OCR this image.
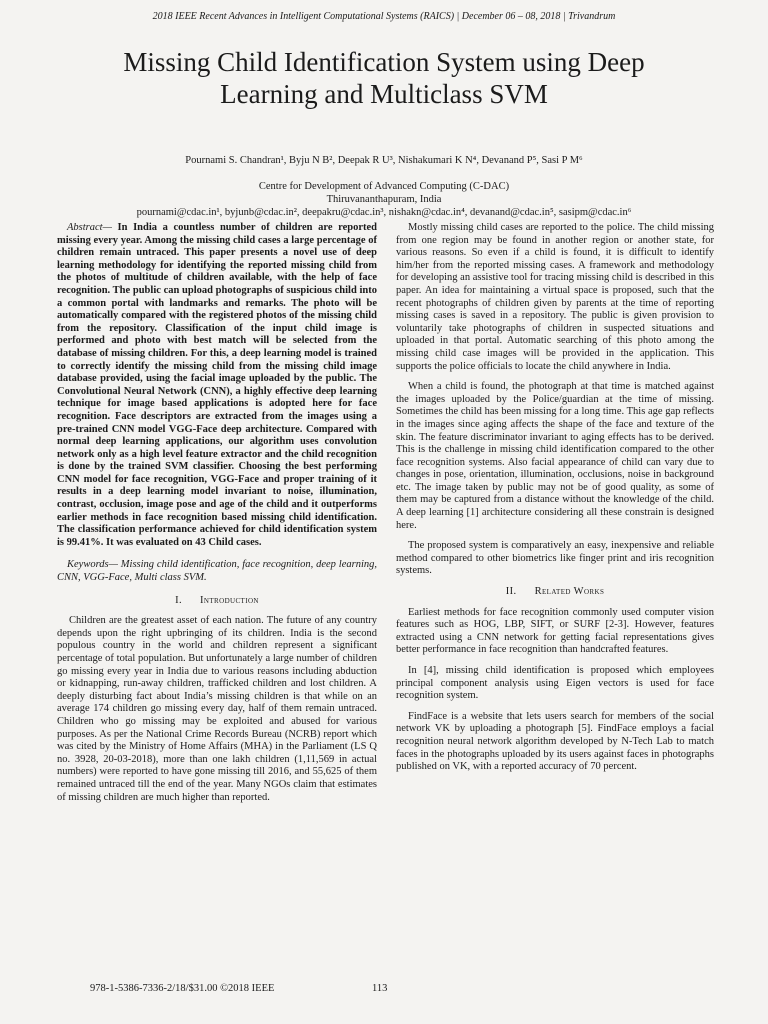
2018 IEEE Recent Advances in Intelligent Computational Systems (RAICS) | December 06 – 08, 2018 | Trivandrum
Missing Child Identification System using Deep
Learning and Multiclass SVM
Pournami S. Chandran¹, Byju N B², Deepak R U³, Nishakumari K N⁴, Devanand P⁵, Sasi P M⁶
Centre for Development of Advanced Computing (C-DAC)
Thiruvananthapuram, India
pournami@cdac.in¹, byjunb@cdac.in², deepakru@cdac.in³, nishakn@cdac.in⁴, devanand@cdac.in⁵, sasipm@cdac.in⁶

Abstract— In India a countless number of children are reported missing every year. Among the missing child cases a large percentage of children remain untraced. This paper presents a novel use of deep learning methodology for identifying the reported missing child from the photos of multitude of children available, with the help of face recognition. The public can upload photographs of suspicious child into a common portal with landmarks and remarks. The photo will be automatically compared with the registered photos of the missing child from the repository. Classification of the input child image is performed and photo with best match will be selected from the database of missing children. For this, a deep learning model is trained to correctly identify the missing child from the missing child image database provided, using the facial image uploaded by the public. The Convolutional Neural Network (CNN), a highly effective deep learning technique for image based applications is adopted here for face recognition. Face descriptors are extracted from the images using a pre-trained CNN model VGG-Face deep architecture. Compared with normal deep learning applications, our algorithm uses convolution network only as a high level feature extractor and the child recognition is done by the trained SVM classifier. Choosing the best performing CNN model for face recognition, VGG-Face and proper training of it results in a deep learning model invariant to noise, illumination, contrast, occlusion, image pose and age of the child and it outperforms earlier methods in face recognition based missing child identification. The classification performance achieved for child identification system is 99.41%. It was evaluated on 43 Child cases.

Keywords— Missing child identification, face recognition, deep learning, CNN, VGG-Face, Multi class SVM.

I. Introduction

Children are the greatest asset of each nation. The future of any country depends upon the right upbringing of its children. India is the second populous country in the world and children represent a significant percentage of total population. But unfortunately a large number of children go missing every year in India due to various reasons including abduction or kidnapping, run-away children, trafficked children and lost children. A deeply disturbing fact about India’s missing children is that while on an average 174 children go missing every day, half of them remain untraced. Children who go missing may be exploited and abused for various purposes. As per the National Crime Records Bureau (NCRB) report which was cited by the Ministry of Home Affairs (MHA) in the Parliament (LS Q no. 3928, 20-03-2018), more than one lakh children (1,11,569 in actual numbers) were reported to have gone missing till 2016, and 55,625 of them remained untraced till the end of the year. Many NGOs claim that estimates of missing children are much higher than reported.

Mostly missing child cases are reported to the police. The child missing from one region may be found in another region or another state, for various reasons. So even if a child is found, it is difficult to identify him/her from the reported missing cases. A framework and methodology for developing an assistive tool for tracing missing child is described in this paper. An idea for maintaining a virtual space is proposed, such that the recent photographs of children given by parents at the time of reporting missing cases is saved in a repository. The public is given provision to voluntarily take photographs of children in suspected situations and uploaded in that portal. Automatic searching of this photo among the missing child case images will be provided in the application. This supports the police officials to locate the child anywhere in India.

When a child is found, the photograph at that time is matched against the images uploaded by the Police/guardian at the time of missing. Sometimes the child has been missing for a long time. This age gap reflects in the images since aging affects the shape of the face and texture of the skin. The feature discriminator invariant to aging effects has to be derived. This is the challenge in missing child identification compared to the other face recognition systems. Also facial appearance of child can vary due to changes in pose, orientation, illumination, occlusions, noise in background etc. The image taken by public may not be of good quality, as some of them may be captured from a distance without the knowledge of the child. A deep learning [1] architecture considering all these constrain is designed here.

The proposed system is comparatively an easy, inexpensive and reliable method compared to other biometrics like finger print and iris recognition systems.

II. Related Works

Earliest methods for face recognition commonly used computer vision features such as HOG, LBP, SIFT, or SURF [2-3]. However, features extracted using a CNN network for getting facial representations gives better performance in face recognition than handcrafted features.

In [4], missing child identification is proposed which employees principal component analysis using Eigen vectors is used for face recognition system.

FindFace is a website that lets users search for members of the social network VK by uploading a photograph [5]. FindFace employs a facial recognition neural network algorithm developed by N-Tech Lab to match faces in the photographs uploaded by its users against faces in photographs published on VK, with a reported accuracy of 70 percent.

978-1-5386-7336-2/18/$31.00 ©2018 IEEE	113
